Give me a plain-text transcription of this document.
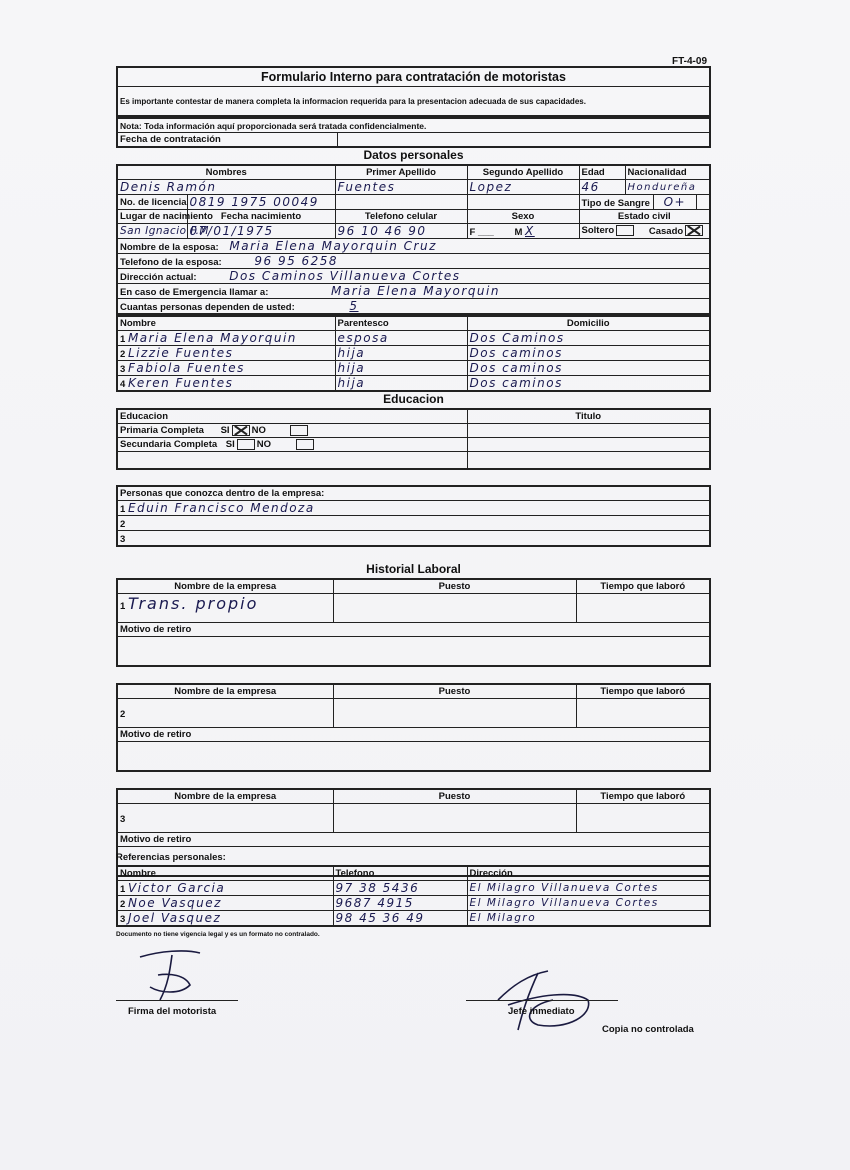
FT-4-09
Formulario Interno para contratación de motoristas
Es importante contestar de manera completa la informacion requerida para la presentacion adecuada de sus capacidades.
Nota: Toda información aquí proporcionada será tratada confidencialmente.
Fecha de contratación	
Datos personales
Nombres		Primer Apellido	Segundo Apellido	Edad	Nacionalidad
Denis Ramón		Fuentes	Lopez	46	Hondureña
No. de licencia	0819 1975 00049			Tipo de Sangre O+	
Lugar de nacimiento	Fecha nacimiento	Telefono celular	Sexo	Estado civil	
San Ignacio F.M	07/01/1975	96 10 46 90	F ___ M X	Soltero Casado	
Nombre de la esposa: Maria Elena Mayorquin Cruz					
Telefono de la esposa: 96 95 6258					
Dirección actual: Dos Caminos Villanueva Cortes					
En caso de Emergencia llamar a: Maria Elena Mayorquin					
Cuantas personas dependen de usted: 5					
Nombre	Parentesco	Domicilio
1 Maria Elena Mayorquin	esposa	Dos Caminos
2 Lizzie Fuentes	hija	Dos caminos
3 Fabiola Fuentes	hija	Dos caminos
4 Keren Fuentes	hija	Dos caminos
Educacion
Educacion	Titulo
Primaria Completa SI NO	
Secundaria Completa SI NO	

Personas que conozca dentro de la empresa:
1 Eduin Francisco Mendoza
2
3
Historial Laboral
Nombre de la empresa	Puesto	Tiempo que laboró
1 Trans. propio		
Motivo de retiro		

Nombre de la empresa	Puesto	Tiempo que laboró
2		
Motivo de retiro		

Nombre de la empresa	Puesto	Tiempo que laboró
3		
Motivo de retiro		

Referencias personales:
Nombre	Telefono	Dirección
1 Victor Garcia	97 38 5436	El Milagro Villanueva Cortes
2 Noe Vasquez	9687 4915	El Milagro Villanueva Cortes
3 Joel Vasquez	98 45 36 49	El Milagro
Documento no tiene vigencia legal y es un formato no contralado.
Firma del motorista	Jefe inmediato
Copia no controlada
